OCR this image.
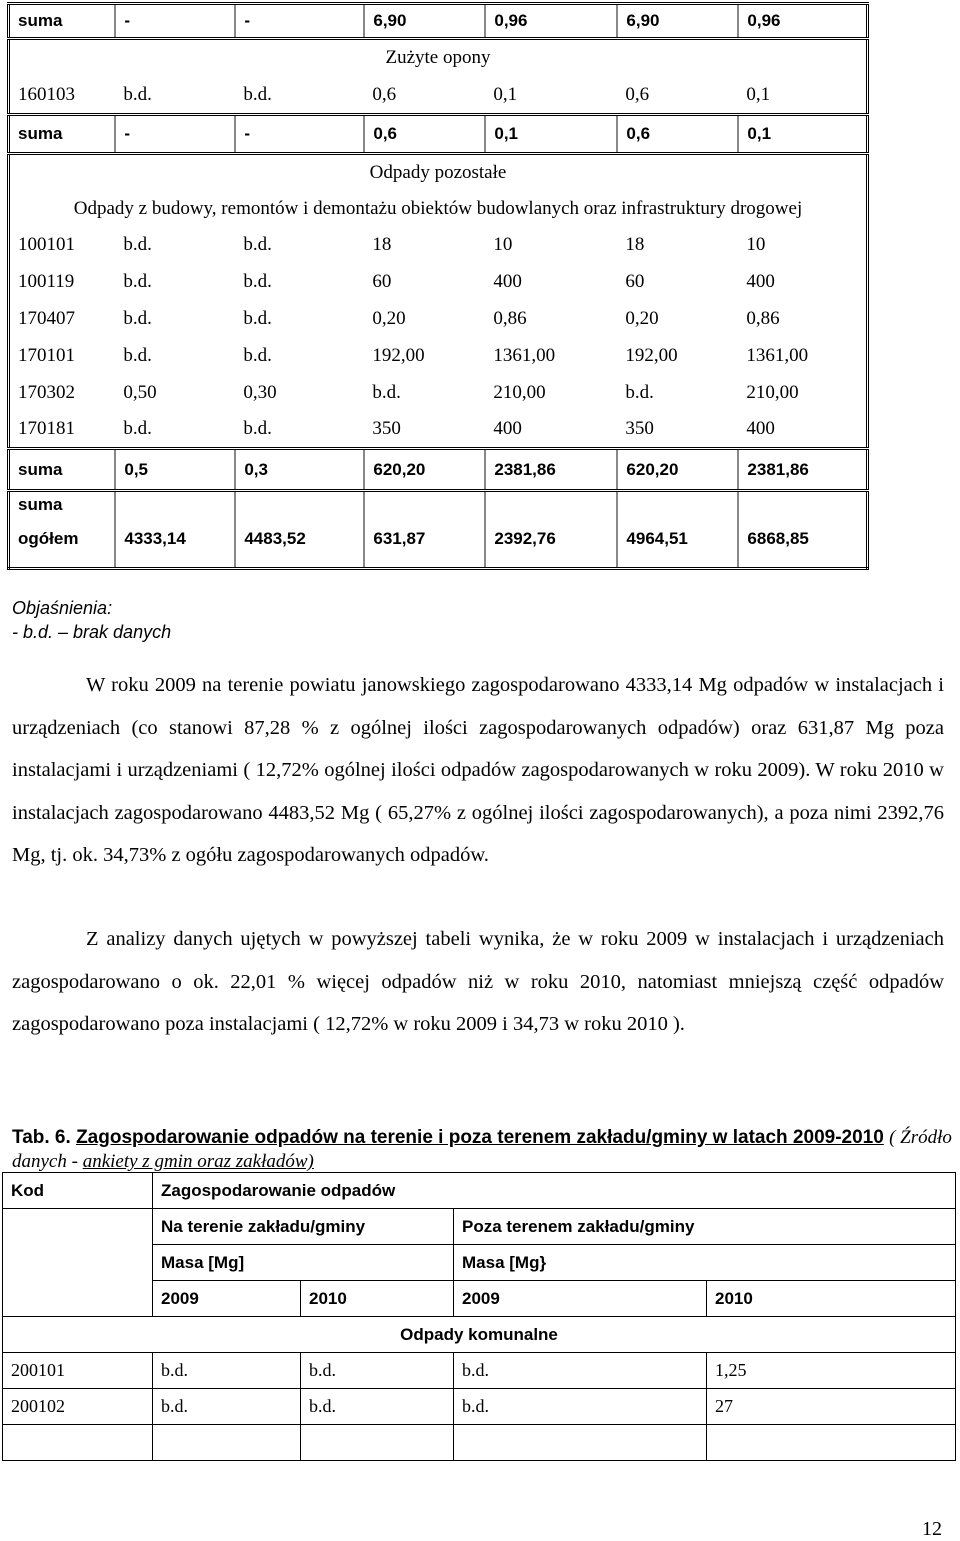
suma	-	-	6,90	0,96	6,90	0,96
Zużyte opony						
160103	b.d.	b.d.	0,6	0,1	0,6	0,1
suma	-	-	0,6	0,1	0,6	0,1
Odpady pozostałe						
Odpady z budowy, remontów i demontażu obiektów budowlanych oraz infrastruktury drogowej						
100101	b.d.	b.d.	18	10	18	10
100119	b.d.	b.d.	60	400	60	400
170407	b.d.	b.d.	0,20	0,86	0,20	0,86
170101	b.d.	b.d.	192,00	1361,00	192,00	1361,00
170302	0,50	0,30	b.d.	210,00	b.d.	210,00
170181	b.d.	b.d.	350	400	350	400
suma	0,5	0,3	620,20	2381,86	620,20	2381,86

suma
ogółem	4333,14	4483,52	631,87	2392,76	4964,51	6868,85
Objaśnienia:
- b.d. – brak danych

W roku 2009 na terenie powiatu janowskiego zagospodarowano 4333,14 Mg odpadów w instalacjach i urządzeniach (co stanowi 87,28 % z ogólnej ilości zagospodarowanych odpadów) oraz 631,87 Mg poza instalacjami i urządzeniami ( 12,72% ogólnej ilości odpadów zagospodarowanych w roku 2009). W roku 2010 w instalacjach zagospodarowano 4483,52 Mg ( 65,27% z ogólnej ilości zagospodarowanych), a poza nimi 2392,76 Mg, tj. ok. 34,73% z ogółu zagospodarowanych odpadów.

Z analizy danych ujętych w powyższej tabeli wynika, że w roku 2009 w instalacjach i urządzeniach zagospodarowano o ok. 22,01 % więcej odpadów niż w roku 2010, natomiast mniejszą część odpadów zagospodarowano poza instalacjami ( 12,72% w roku 2009 i 34,73 w roku 2010 ).

Tab. 6. Zagospodarowanie odpadów na terenie i poza terenem zakładu/gminy w latach 2009-2010 ( Źródło danych - ankiety z gmin oraz zakładów)

Kod	Zagospodarowanie odpadów			
	Na terenie zakładu/gminy		Poza terenem zakładu/gminy	
	Masa [Mg]		Masa [Mg}	
	2009	2010	2009	2010
Odpady komunalne				
200101	b.d.	b.d.	b.d.	1,25
200102	b.d.	b.d.	b.d.	27

12
